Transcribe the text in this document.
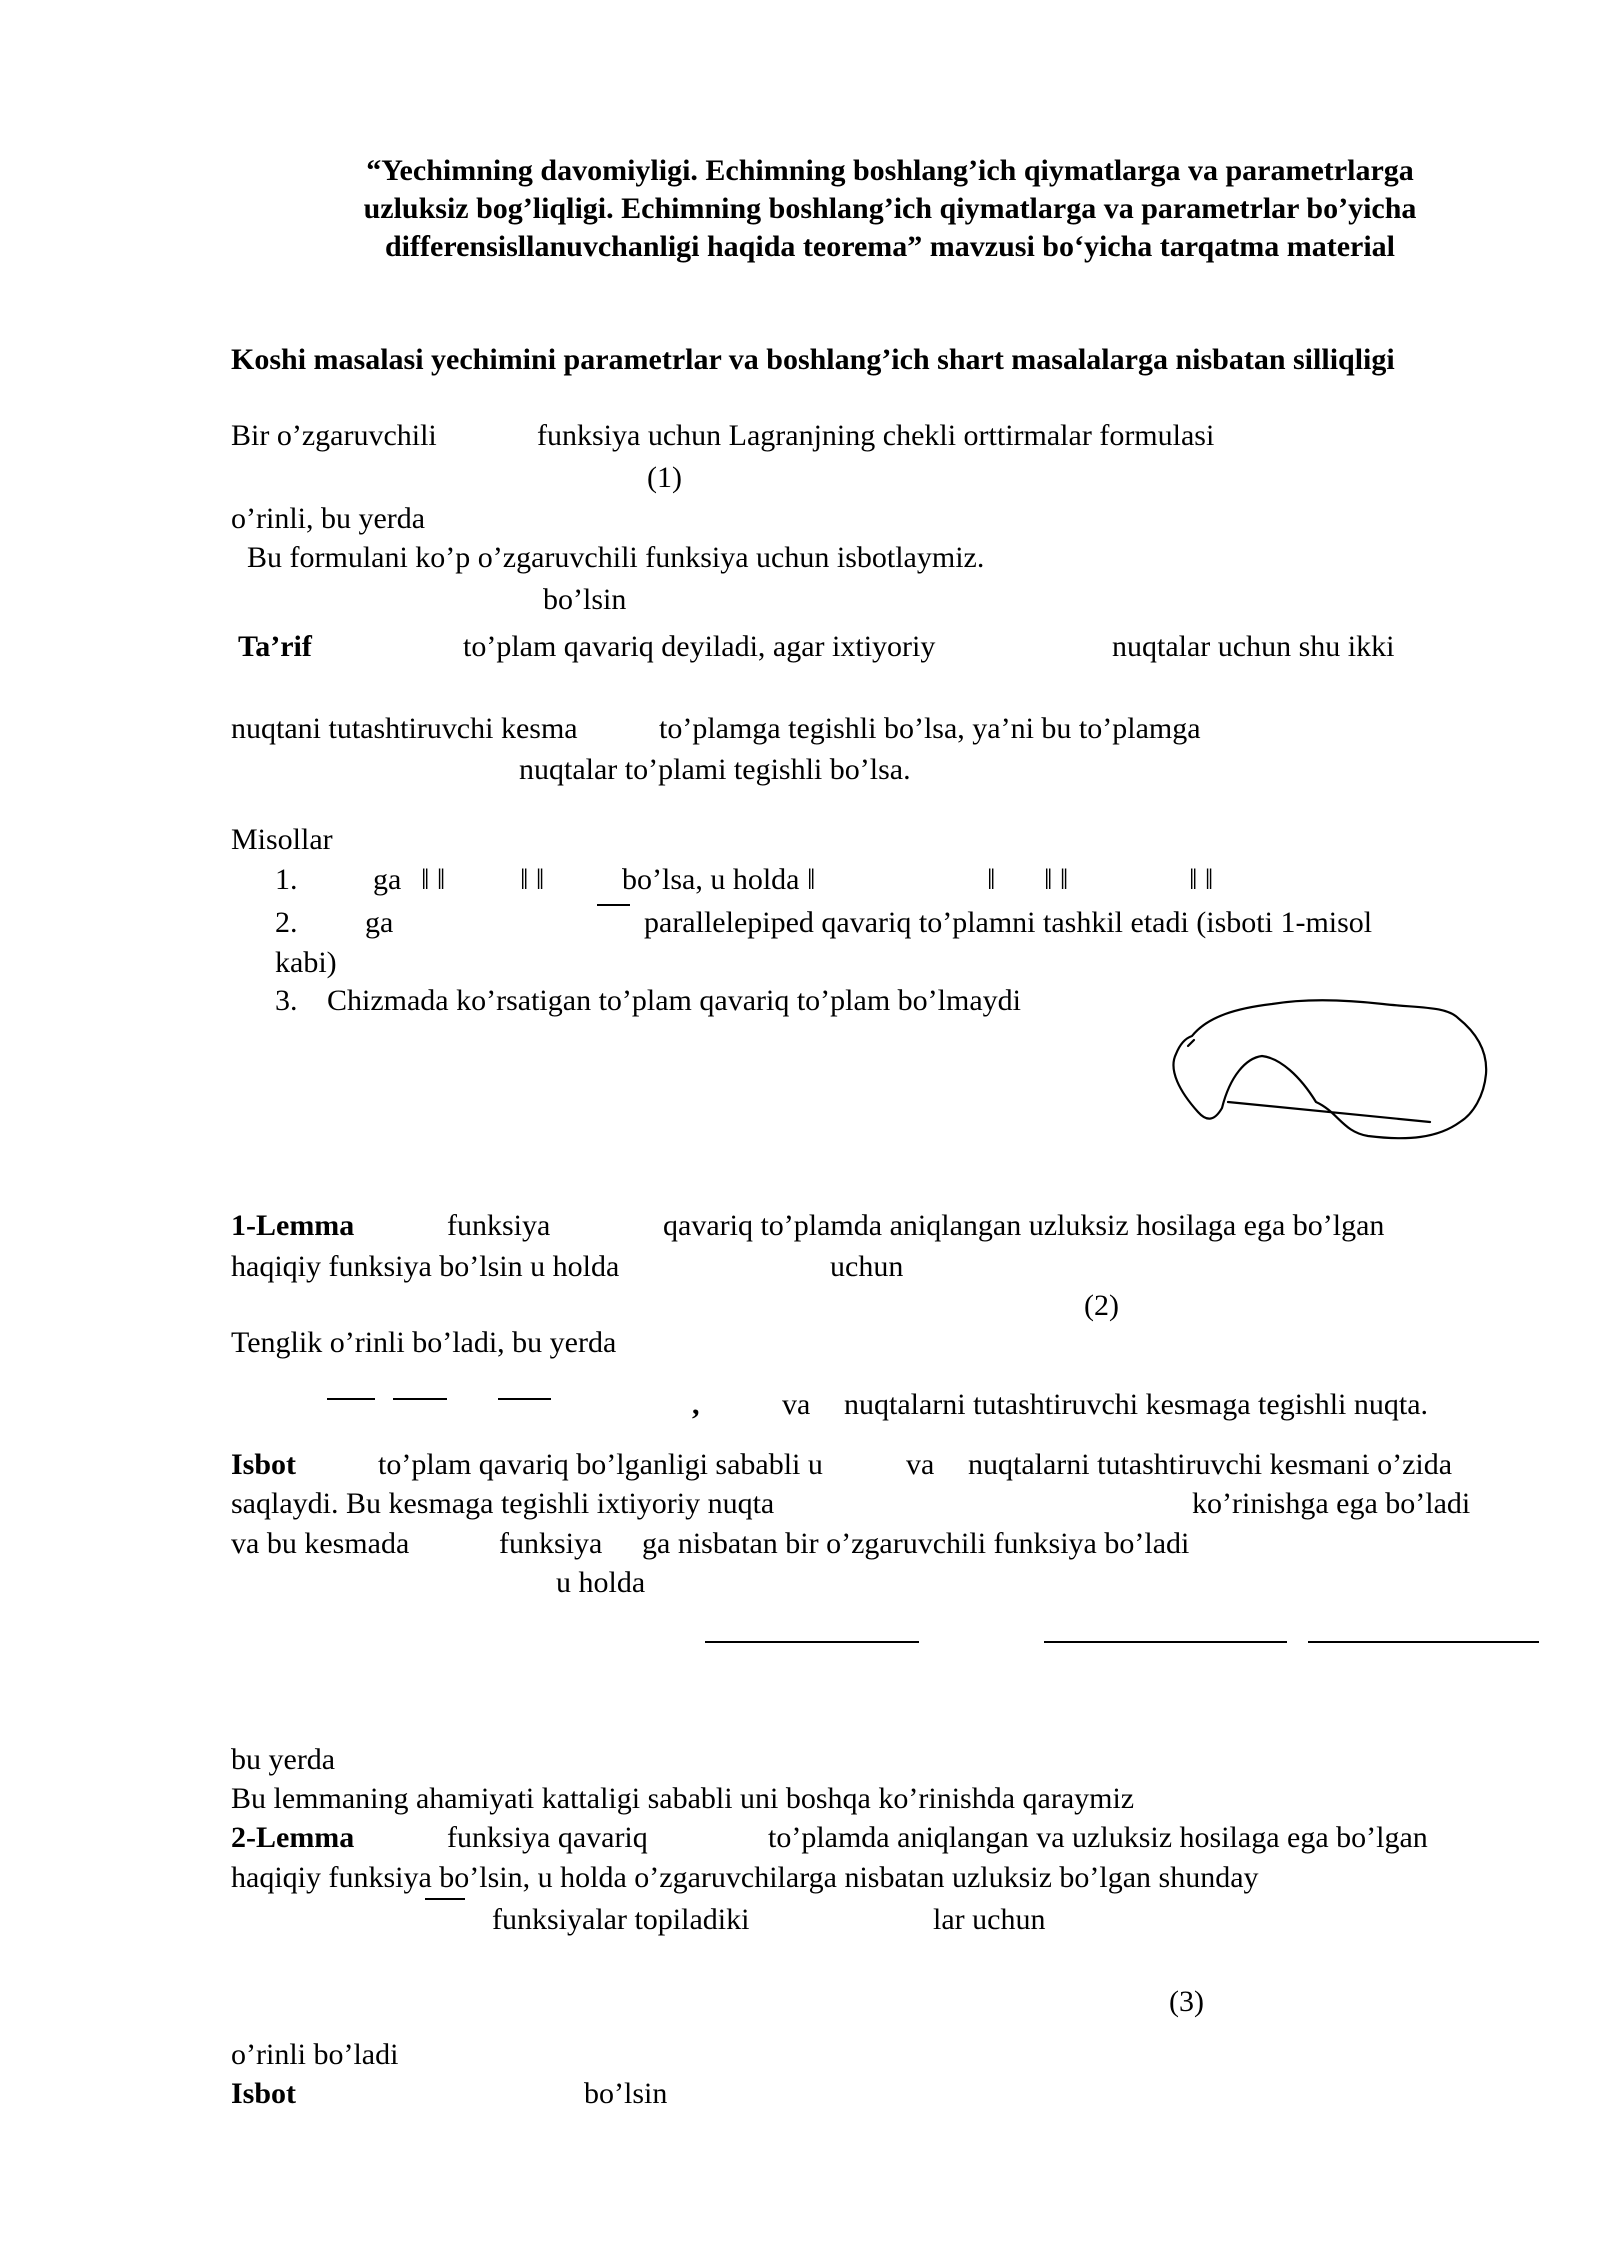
“Yechimning davomiyligi. Echimning boshlang’ich qiymatlarga va parametrlarga
uzluksiz bog’liqligi. Echimning boshlang’ich qiymatlarga va parametrlar bo’yicha
differensisllanuvchanligi haqida teorema” mavzusi bo‘yicha tarqatma material
Koshi masalasi yechimini parametrlar va boshlang’ich shart masalalarga nisbatan silliqligi
Bir o’zgaruvchili	funksiya uchun Lagranjning chekli orttirmalar formulasi
(1)
o’rinli, bu yerda
Bu formulani ko’p o’zgaruvchili funksiya uchun isbotlaymiz.
bo’lsin
Ta’rif	to’plam qavariq deyiladi, agar ixtiyoriy	nuqtalar uchun shu ikki
nuqtani tutashtiruvchi kesma	to’plamga tegishli bo’lsa, ya’ni bu to’plamga
nuqtalar to’plami tegishli bo’lsa.
Misollar
1.	ga ‖ ‖ ‖ ‖	bo’lsa, u holda ‖	‖ ‖ ‖	‖ ‖
2. ga	parallelepiped qavariq to’plamni tashkil etadi (isboti 1-misol
kabi)
3. Chizmada ko’rsatigan to’plam qavariq to’plam bo’lmaydi
1-Lemma	funksiya	qavariq to’plamda aniqlangan uzluksiz hosilaga ega bo’lgan
haqiqiy funksiya bo’lsin u holda	uchun
(2)
Tenglik o’rinli bo’ladi, bu yerda
,	va nuqtalarni tutashtiruvchi kesmaga tegishli nuqta.
Isbot	to’plam qavariq bo’lganligi sababli u	va nuqtalarni tutashtiruvchi kesmani o’zida
saqlaydi. Bu kesmaga tegishli ixtiyoriy nuqta	ko’rinishga ega bo’ladi
va bu kesmada	funksiya ga nisbatan bir o’zgaruvchili funksiya bo’ladi
u holda
bu yerda
Bu lemmaning ahamiyati kattaligi sababli uni boshqa ko’rinishda qaraymiz
2-Lemma	funksiya qavariq	to’plamda aniqlangan va uzluksiz hosilaga ega bo’lgan
haqiqiy funksiya bo’lsin, u holda o’zgaruvchilarga nisbatan uzluksiz bo’lgan shunday
funksiyalar topiladiki	lar uchun
(3)
o’rinli bo’ladi
Isbot	bo’lsin
